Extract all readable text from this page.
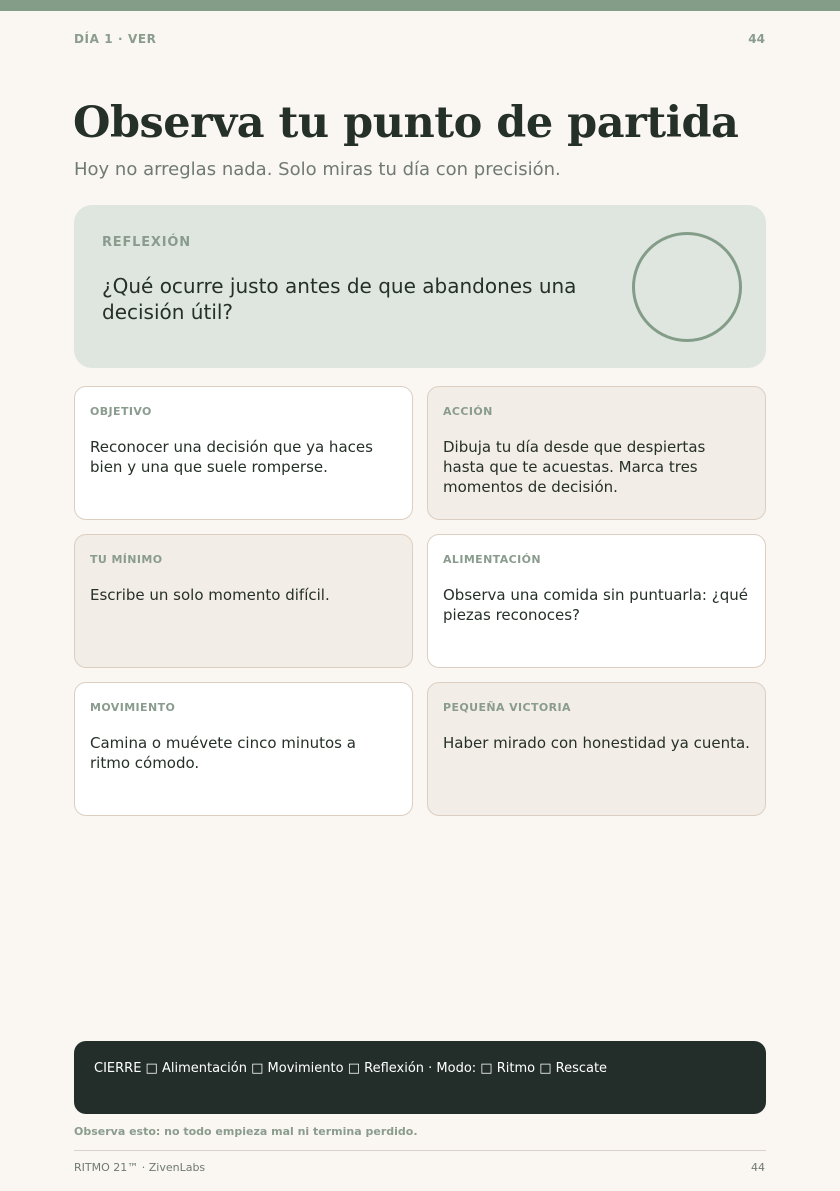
DÍA 1 · VER	44
Observa tu punto de partida

Hoy no arreglas nada. Solo miras tu día con precisión.

REFLEXIÓN
¿Qué ocurre justo antes de que abandones una decisión útil?
OBJETIVO
Reconocer una decisión que ya haces bien y una que suele romperse.
ACCIÓN
Dibuja tu día desde que despiertas hasta que te acuestas. Marca tres momentos de decisión.
TU MÍNIMO
Escribe un solo momento difícil.
ALIMENTACIÓN
Observa una comida sin puntuarla: ¿qué piezas reconoces?
MOVIMIENTO
Camina o muévete cinco minutos a ritmo cómodo.
PEQUEÑA VICTORIA
Haber mirado con honestidad ya cuenta.
CIERRE □ Alimentación □ Movimiento □ Reflexión · Modo: □ Ritmo □ Rescate
Observa esto: no todo empieza mal ni termina perdido.
RITMO 21™ · ZivenLabs	44
